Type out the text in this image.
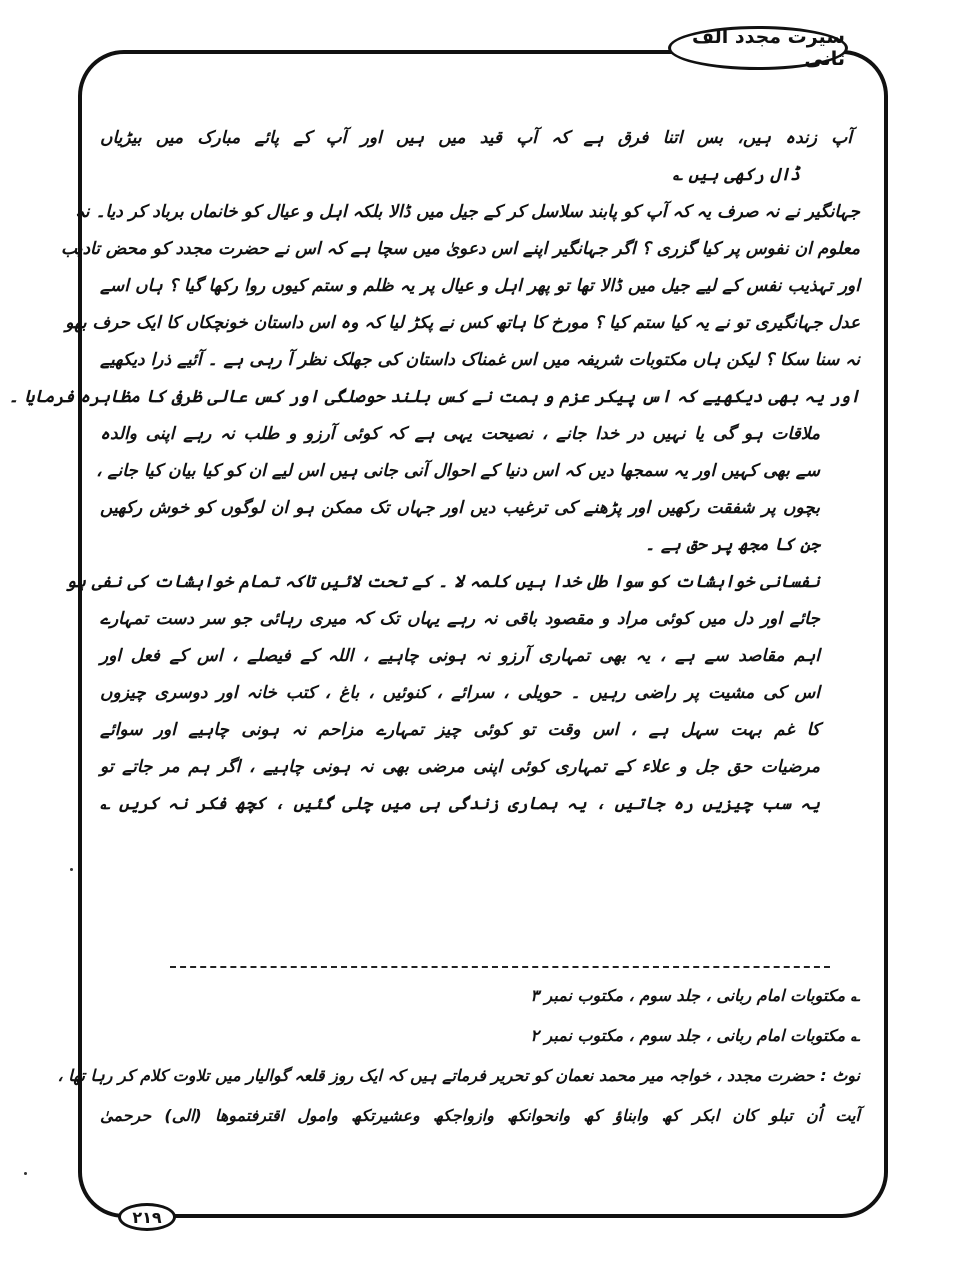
سیرت مجدد الف ثانی
آپ زندہ ہیں، بس اتنا فرق ہے کہ آپ قید میں ہیں اور آپ کے پائے مبارک میں بیڑیاں
ڈال رکھی ہیں ؎
جہانگیر نے نہ صرف یہ کہ آپ کو پابند سلاسل کر کے جیل میں ڈالا بلکہ اہل و عیال کو خانماں برباد کر دیا۔ نہ
معلوم ان نفوس پر کیا گزری ؟ اگر جہانگیر اپنے اس دعویٰ میں سچا ہے کہ اس نے حضرت مجدد کو محض تادیب
اور تہذیب نفس کے لیے جیل میں ڈالا تھا تو پھر اہل و عیال پر یہ ظلم و ستم کیوں روا رکھا گیا ؟ ہاں اسے
عدل جہانگیری تو نے یہ کیا ستم کیا ؟ مورخ کا ہاتھ کس نے پکڑ لیا کہ وہ اس داستان خونچکاں کا ایک حرف بھو
نہ سنا سکا ؟ لیکن ہاں مکتوبات شریفہ میں اس غمناک داستان کی جھلک نظر آ رہی ہے ۔ آئیے ذرا دیکھیے
اور یہ بھی دیکھیے کہ اس پیکر عزم و ہمت نے کس بلند حوصلگی اور کس عالی ظرفی کا مظاہرہ فرمایا ۔
ملاقات ہو گی یا نہیں در خدا جانے ، نصیحت یہی ہے کہ کوئی آرزو و طلب نہ رہے اپنی والدہ
سے بھی کہیں اور یہ سمجھا دیں کہ اس دنیا کے احوال آنی جانی ہیں اس لیے ان کو کیا بیان کیا جانے ،
بچوں پر شفقت رکھیں اور پڑھنے کی ترغیب دیں اور جہاں تک ممکن ہو ان لوگوں کو خوش رکھیں
جن کا مجھ پر حق ہے ۔
نفسانی خواہشات کو سوا طل خدا ہیں کلمہ لا ۔ کے تحت لائیں تاکہ تمام خواہشات کی نفی ہو
جائے اور دل میں کوئی مراد و مقصود باقی نہ رہے یہاں تک کہ میری رہائی جو سر دست تمہارے
اہم مقاصد سے ہے ، یہ بھی تمہاری آرزو نہ ہونی چاہیے ، اللہ کے فیصلے ، اس کے فعل اور
اس کی مشیت پر راضی رہیں ۔ حویلی ، سرائے ، کنوئیں ، باغ ، کتب خانہ اور دوسری چیزوں
کا غم بہت سہل ہے ، اس وقت تو کوئی چیز تمہارے مزاحم نہ ہونی چاہیے اور سوائے
مرضیات حق جل و علاء کے تمہاری کوئی اپنی مرضی بھی نہ ہونی چاہیے ، اگر ہم مر جاتے تو
یہ سب چیزیں رہ جاتیں ، یہ ہماری زندگی ہی میں چلی گئیں ، کچھ فکر نہ کریں ؎
؎ مکتوبات امام ربانی ، جلد سوم ، مکتوب نمبر ۳
؎ مکتوبات امام ربانی ، جلد سوم ، مکتوب نمبر ۲
نوٹ : حضرت مجدد ، خواجہ میر محمد نعمان کو تحریر فرماتے ہیں کہ ایک روز قلعہ گوالیار میں تلاوت کلام کر رہا تھا ،
آیت اُن تبلو کان ابکر کھ وابناؤ کھ وانحوانکھ وازواجکھ وعشیرتکھ وامول اقترفتموھا (الی) حرحمیٰ
۲۱۹
